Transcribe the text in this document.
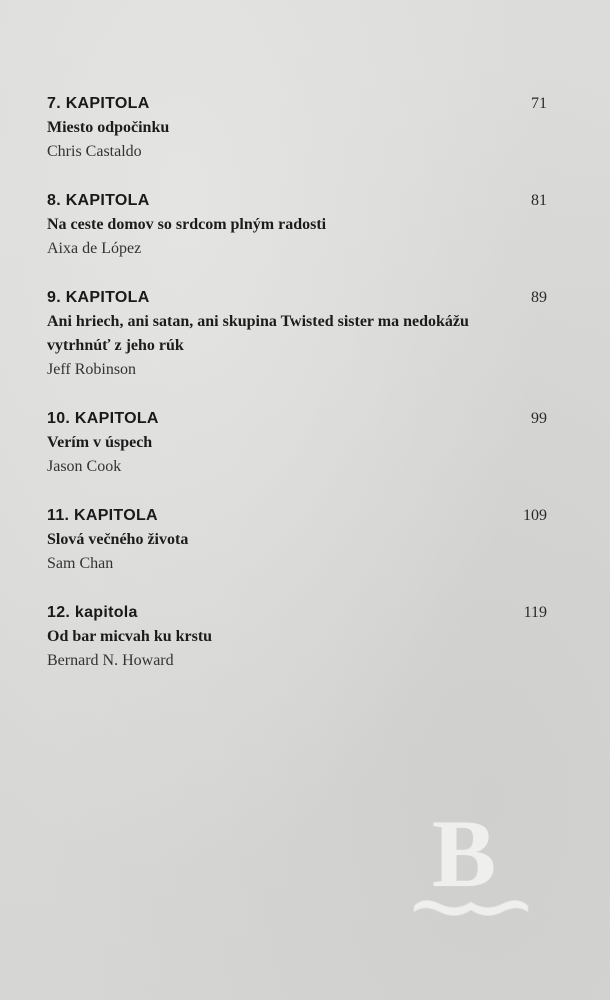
7. KAPITOLA	71
Miesto odpočinku
Chris Castaldo
8. KAPITOLA	81
Na ceste domov so srdcom plným radosti
Aixa de López
9. KAPITOLA	89
Ani hriech, ani satan, ani skupina Twisted sister ma nedokážu vytrhnúť z jeho rúk
Jeff Robinson
10. KAPITOLA	99
Verím v úspech
Jason Cook
11. KAPITOLA	109
Slová večného života
Sam Chan
12. kapitola	119
Od bar micvah ku krstu
Bernard N. Howard
B
